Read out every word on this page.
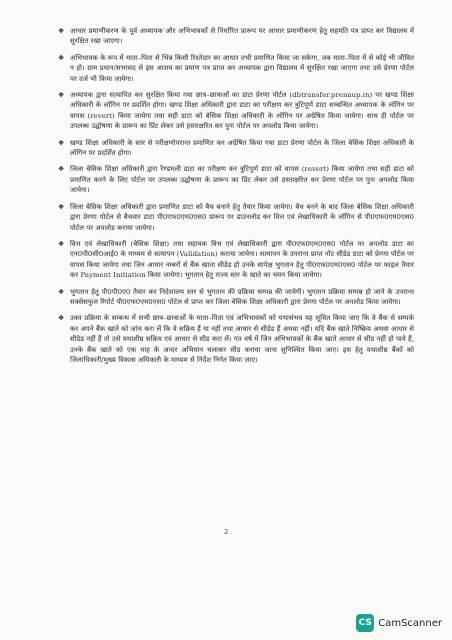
❖ आधार प्रमाणीकरण के पूर्व अध्यापक और अभिभावकों से निर्धारित प्रारूप पर आधार प्रमाणीकरण हेतु सहमति पत्र प्राप्त कर विद्यालय में सुरक्षित रखा जाएगा।
❖ अभिभावक के रूप में माता–पिता से भिन्न किसी रिश्तेदार का आधार तभी प्रमाणित किया जा सकेगा, जब माता–पिता में से कोई भी जीवित न हो। ग्राम प्रधान/सभासद से इस आशय का प्रमाण पत्र प्राप्त कर अध्यापक द्वारा विद्यालय में सुरक्षित रखा जाएगा तथा उसे प्रेरणा पोर्टल पर दर्ज भी किया जायेगा।
❖ अध्यापक द्वारा सत्यापित कर सुरक्षित किया गया छात्र–छात्राओं का डाटा प्रेरणा पोर्टल (dbtransfer.prenaup.in) पर खण्ड शिक्षा अधिकारी के लॉगिन पर प्रदर्शित होगा। खण्ड शिक्षा अधिकारी द्वारा डाटा का परीक्षण कर त्रुटिपूर्ण डाटा सम्बन्धित अध्यापक के लॉगिन पर वापस (revert) किया जायेगा तथा सही डाटा को बेसिक शिक्षा अधिकारी के लॉगिन पर अग्रेषित किया जायेगा। साथ ही पोर्टल पर उपलब्ध उद्घोषणा के प्रारूप का प्रिंट लेकर उसे हस्ताक्षरित कर पुनः पोर्टल पर अपलोड किया जायेगा।
❖ खण्ड शिक्षा अधिकारी के स्तर से परीक्षणोपरान्त प्रमाणित कर अग्रेषित किया गया डाटा प्रेरणा पोर्टल के जिला बेसिक शिक्षा अधिकारी के लॉगिन पर प्रदर्शित होगा।
❖ जिला बेसिक शिक्षा अधिकारी द्वारा रैण्डमली डाटा का परीक्षण कर त्रुटिपूर्ण डाटा को वापस (revert) किया जायेगा तथा सही डाटा को प्रमाणित करने के लिए पोर्टल पर उपलब्ध उद्घोषणा के प्रारूप का प्रिंट लेकर उसे हस्ताक्षरित कर प्रेरणा पोर्टल पर पुनः अपलोड किया जायेगा।
❖ जिला बेसिक शिक्षा अधिकारी द्वारा प्रमाणित डाटा को बैच बनाने हेतु तैयार किया जायेगा। बैच बनने के बाद जिला बेसिक शिक्षा अधिकारी द्वारा प्रेरणा पोर्टल से बैचवार डाटा पी0एफ0एम0एस0 प्रारूप पर डाउनलोड कर वित्त एवं लेखाधिकारी के लॉगिन से पी0एफ0एम0एस0 पोर्टल पर अपलोड कराया जायेगा।
❖ वित्त एवं लेखाधिकारी (बेसिक शिक्षा) तथा सहायक वित्त एवं लेखाधिकारी द्वारा पी0एफ0एम0एस0 पोर्टल पर अपलोड डाटा का एन0पी0सी0आई0 के माध्यम से सत्यापन (Validation) कराया जायेगा। सत्यापन के उपरान्त प्राप्त नॉट सीडेड डाटा को प्रेरणा पोर्टल पर वापस किया जायेगा तथा जिन आधार नम्बरों से बैंक खाता सीडेड हो उनके सापेक्ष भुगतान हेतु पी0एफ0एम0एस0 पोर्टल पर फाइल तैयार कर Payment Initiation किया जायेगा। भुगतान हेतु राज्य स्तर के खाते का चयन किया जायेगा।
❖ भुगतान हेतु पी0पी0ए0 तैयार कर निदेशालय स्तर से भुगतान की प्रक्रिया सम्पन्न की जायेगी। भुगतान प्रक्रिया सम्पन्न हो जाने के उपरान्त सक्सेसफुल रिपोर्ट पी0एफ0एम0एस0 पोर्टल से प्राप्त कर जिला बेसिक शिक्षा अधिकारी द्वारा प्रेरणा पोर्टल पर अपलोड किया जायेगा।
❖ उक्त प्रक्रिया के सम्बन्ध में सभी छात्र–छात्राओं के माता–पिता एवं अभिभावकों को यथासंभव यह सूचित किया जाए कि वे बैंक से सम्पर्क कर अपने बैंक खाते को जांच करा लें कि वे सक्रिय हैं या नहीं तथा आधार से सीडेड हैं अथवा नहीं। यदि बैंक खाते निष्क्रिय अथवा आधार से सीडेड नहीं हैं तो उसे यथाशीघ्र सक्रिय एवं आधार से सीड करा लें। गत वर्ष में जिन अभिभावकों के बैंक खाते आधार से सीड नहीं हो पाये हैं, उनके बैंक खाते को एक माह के अन्दर अभियान चलाकर सीड कराया जाना सुनिश्चित किया जाए। इस हेतु यथाशीघ्र बैंकों को जिलाधिकारी/मुख्य विकास अधिकारी के माध्यम से निर्देश निर्गत किया जाए।
2
CS CamScanner
